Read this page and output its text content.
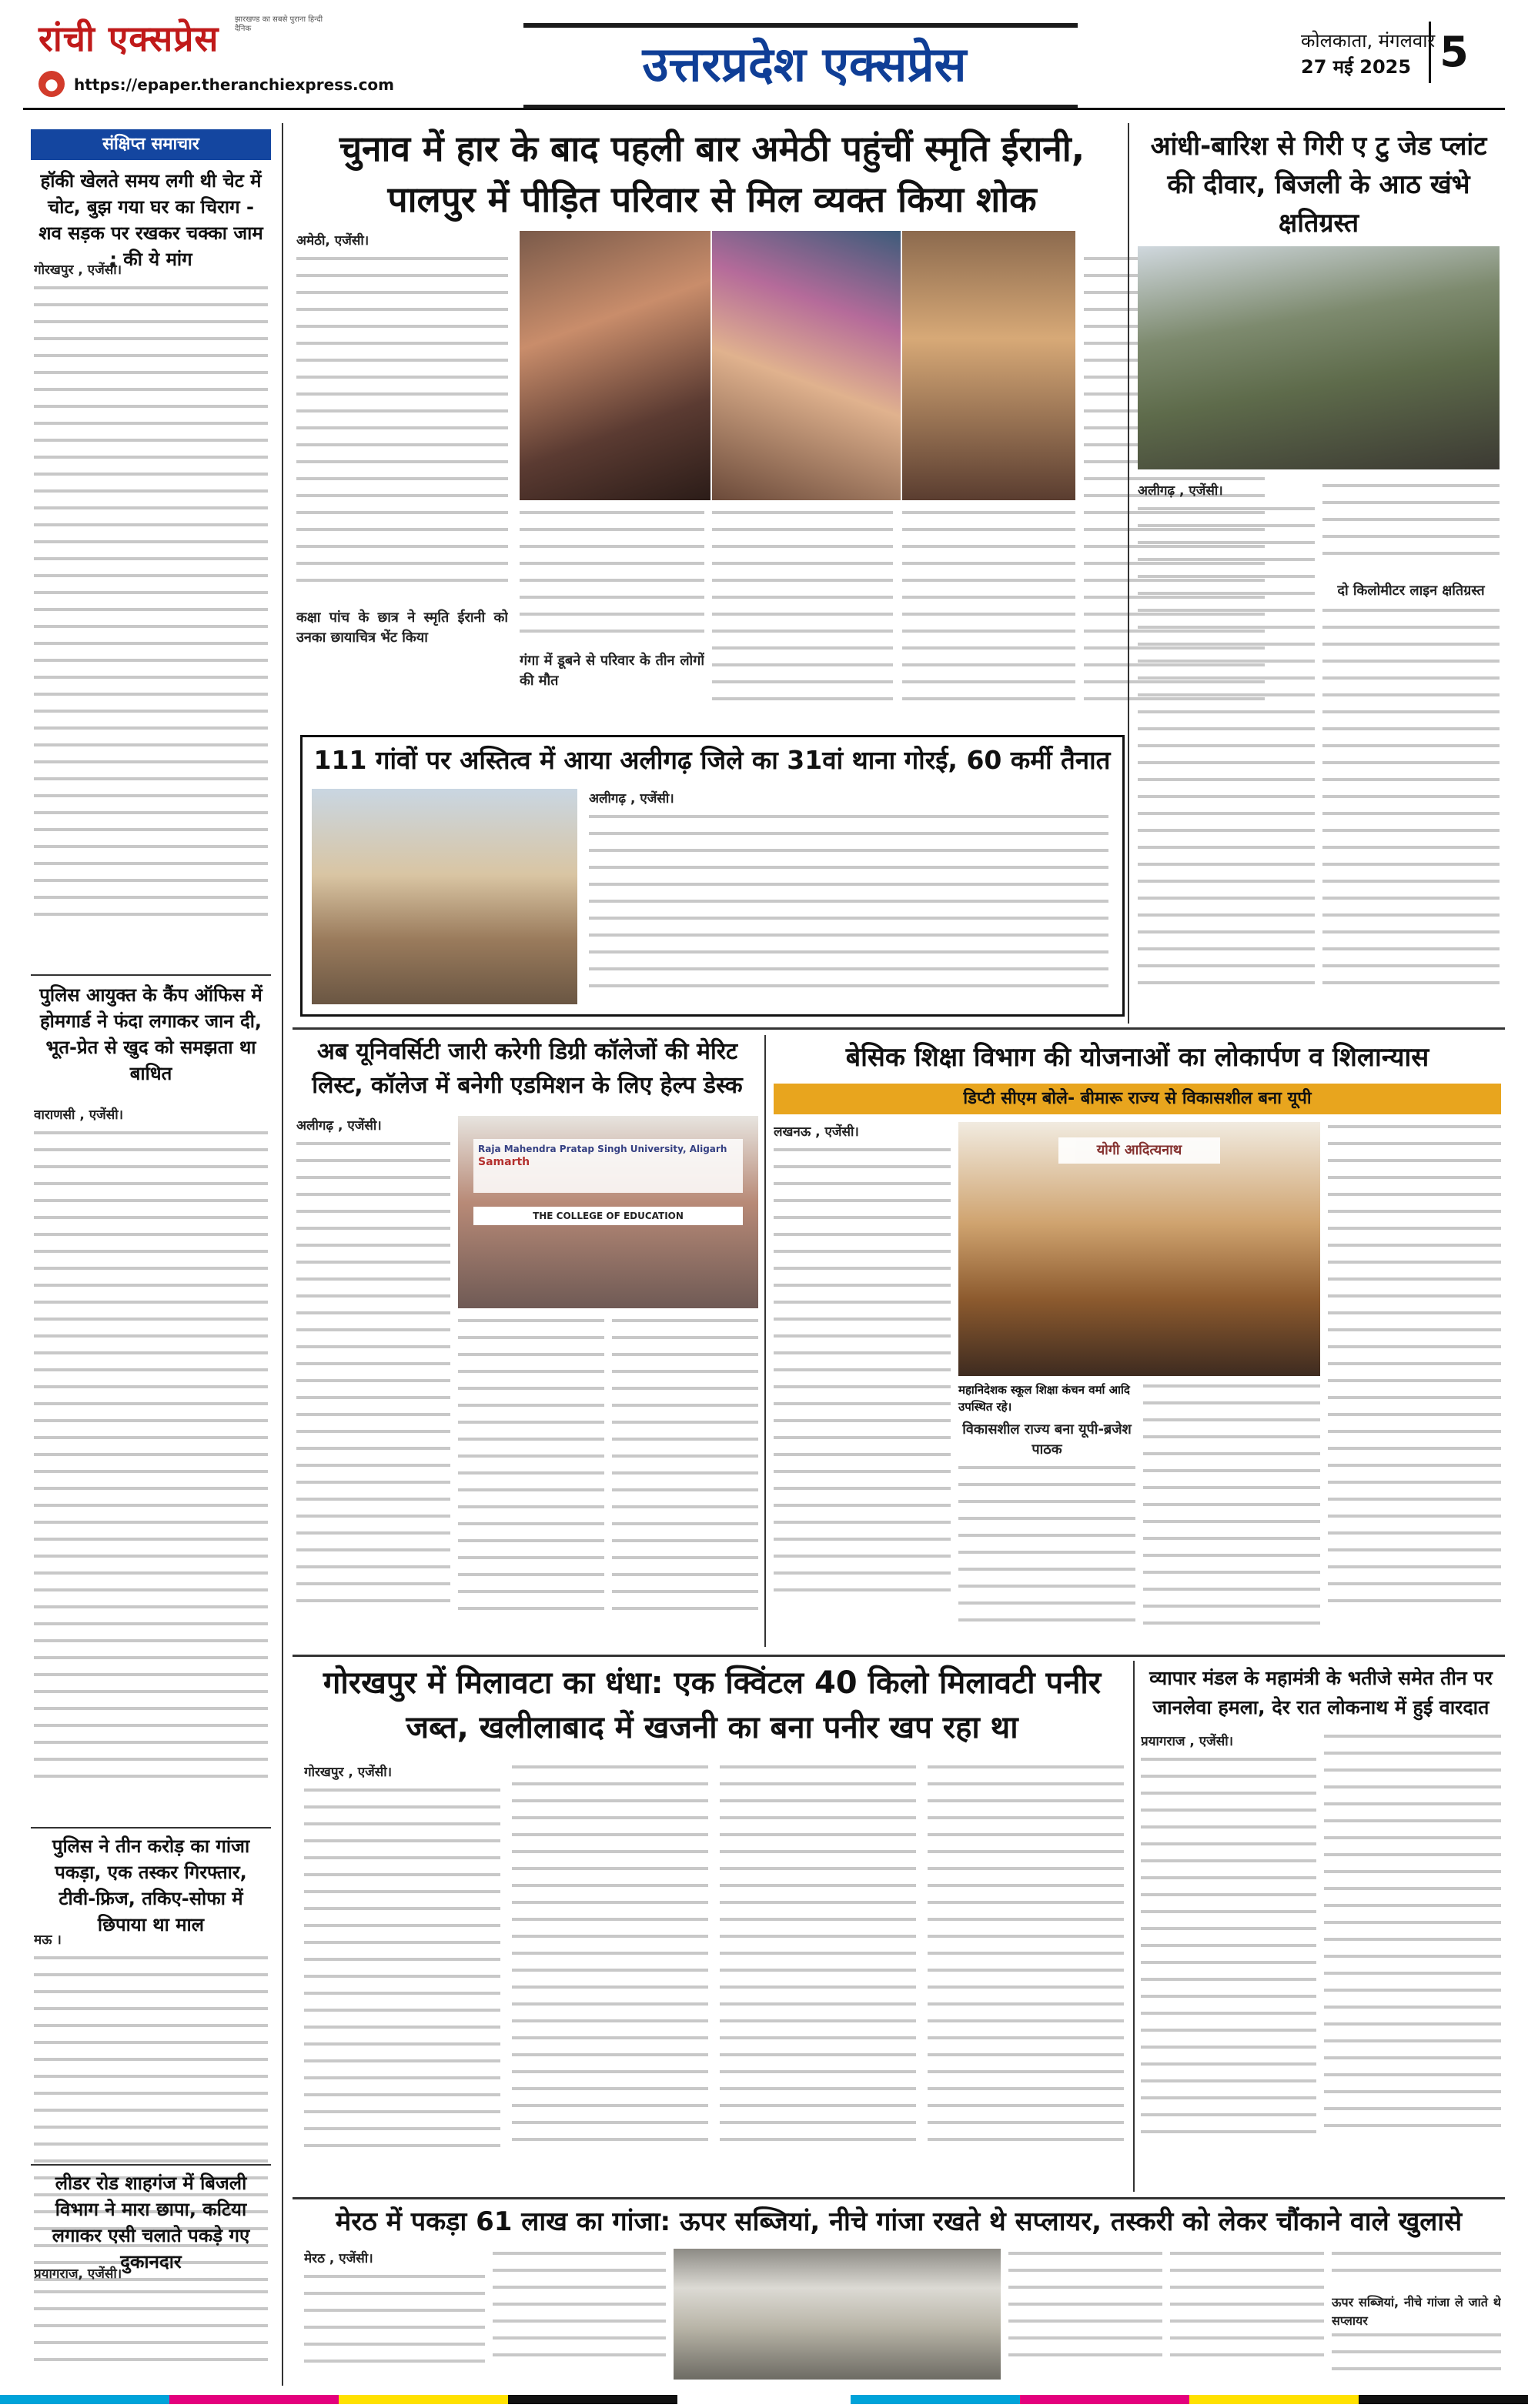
रांची एक्सप्रेस झारखण्ड का सबसे पुराना हिन्दी दैनिक
●	https://epaper.theranchiexpress.com	उत्तरप्रदेश एक्सप्रेस	कोलकाता, मंगलवार
27 मई 2025 5
संक्षिप्त समाचार
हॉकी खेलते समय लगी थी चेट में चोट, बुझ गया घर का चिराग - शव सड़क पर रखकर चक्का जाम ; की ये मांग
गोरखपुर , एजेंसी।
पुलिस आयुक्त के कैंप ऑफिस में होमगार्ड ने फंदा लगाकर जान दी, भूत-प्रेत से खुद को समझता था बाधित
वाराणसी , एजेंसी।
पुलिस ने तीन करोड़ का गांजा पकड़ा, एक तस्कर गिरफ्तार, टीवी-फ्रिज, तकिए-सोफा में छिपाया था माल
मऊ ।
लीडर रोड शाहगंज में बिजली विभाग ने मारा छापा, कटिया लगाकर एसी चलाते पकड़े गए दुकानदार
प्रयागराज, एजेंसी।
चुनाव में हार के बाद पहली बार अमेठी पहुंचीं स्मृति ईरानी, पालपुर में पीड़ित परिवार से मिल व्यक्त किया शोक
अमेठी, एजेंसी।
कक्षा पांच के छात्र ने स्मृति ईरानी को उनका छायाचित्र भेंट किया
गंगा में डूबने से परिवार के तीन लोगों की मौत
111 गांवों पर अस्तित्व में आया अलीगढ़ जिले का 31वां थाना गोरई, 60 कर्मी तैनात
अलीगढ़ , एजेंसी।
आंधी-बारिश से गिरी ए टु जेड प्लांट की दीवार, बिजली के आठ खंभे क्षतिग्रस्त
अलीगढ़ , एजेंसी।
दो किलोमीटर लाइन क्षतिग्रस्त
अब यूनिवर्सिटी जारी करेगी डिग्री कॉलेजों की मेरिट लिस्ट, कॉलेज में बनेगी एडमिशन के लिए हेल्प डेस्क
अलीगढ़ , एजेंसी।
Raja Mahendra Pratap Singh University, Aligarh
Samarth
THE COLLEGE OF EDUCATION
बेसिक शिक्षा विभाग की योजनाओं का लोकार्पण व शिलान्यास
डिप्टी सीएम बोले- बीमारू राज्य से विकासशील बना यूपी
लखनऊ , एजेंसी।
योगी आदित्यनाथ
महानिदेशक स्कूल शिक्षा कंचन वर्मा आदि उपस्थित रहे।
विकासशील राज्य बना यूपी-ब्रजेश पाठक
गोरखपुर में मिलावटा का धंधा: एक क्विंटल 40 किलो मिलावटी पनीर जब्त, खलीलाबाद में खजनी का बना पनीर खप रहा था
गोरखपुर , एजेंसी।
व्यापार मंडल के महामंत्री के भतीजे समेत तीन पर जानलेवा हमला, देर रात लोकनाथ में हुई वारदात
प्रयागराज , एजेंसी।
मेरठ में पकड़ा 61 लाख का गांजा: ऊपर सब्जियां, नीचे गांजा रखते थे सप्लायर, तस्करी को लेकर चौंकाने वाले खुलासे
मेरठ , एजेंसी।
ऊपर सब्जियां, नीचे गांजा ले जाते थे सप्लायर
